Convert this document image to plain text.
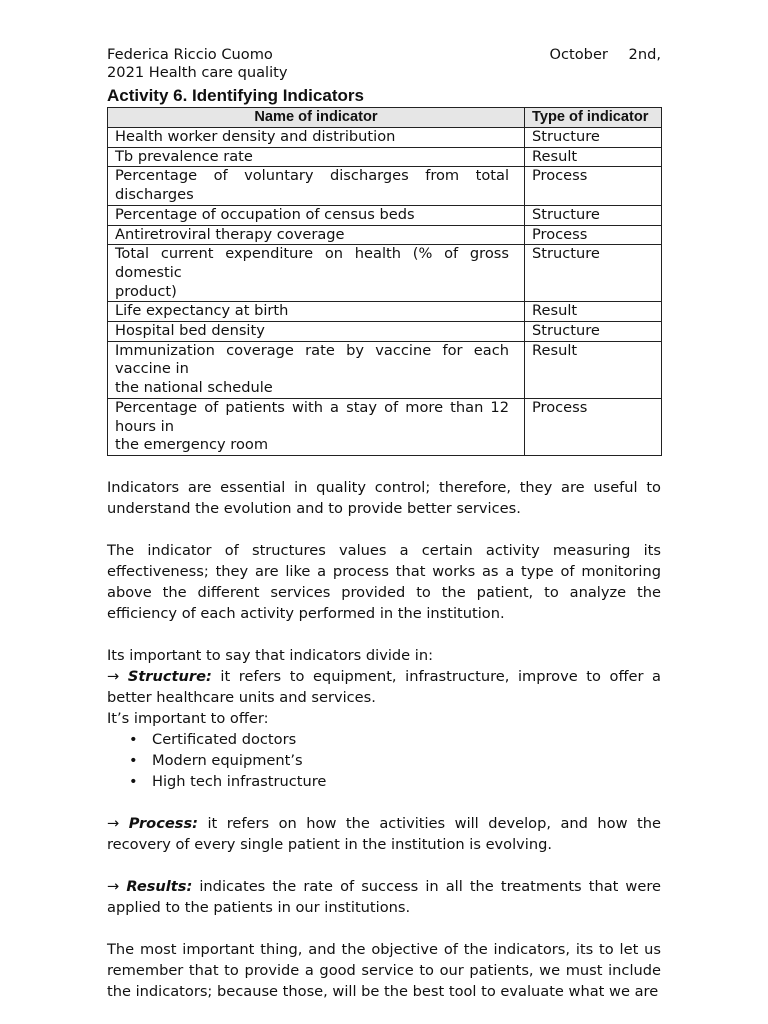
Federica Riccio Cuomo	October 2nd,
2021 Health care quality
Activity 6. Identifying Indicators
Name of indicator	Type of indicator
Health worker density and distribution	Structure
Tb prevalence rate	Result
Percentage of voluntary discharges from total discharges	Process
Percentage of occupation of census beds	Structure
Antiretroviral therapy coverage	Process
Total current expenditure on health (% of gross domestic
product)	Structure
Life expectancy at birth	Result
Hospital bed density	Structure
Immunization coverage rate by vaccine for each vaccine in
the national schedule	Result
Percentage of patients with a stay of more than 12 hours in
the emergency room	Process

Indicators are essential in quality control; therefore, they are useful to understand the evolution and to provide better services.

The indicator of structures values a certain activity measuring its effectiveness; they are like a process that works as a type of monitoring above the different services provided to the patient, to analyze the efficiency of each activity performed in the institution.

Its important to say that indicators divide in:

→ Structure: it refers to equipment, infrastructure, improve to offer a better healthcare units and services.

It’s important to offer:

• Certificated doctors
• Modern equipment’s
• High tech infrastructure

→ Process: it refers on how the activities will develop, and how the recovery of every single patient in the institution is evolving.

→ Results: indicates the rate of success in all the treatments that were applied to the patients in our institutions.

The most important thing, and the objective of the indicators, its to let us remember that to provide a good service to our patients, we must include the indicators; because those, will be the best tool to evaluate what we are
